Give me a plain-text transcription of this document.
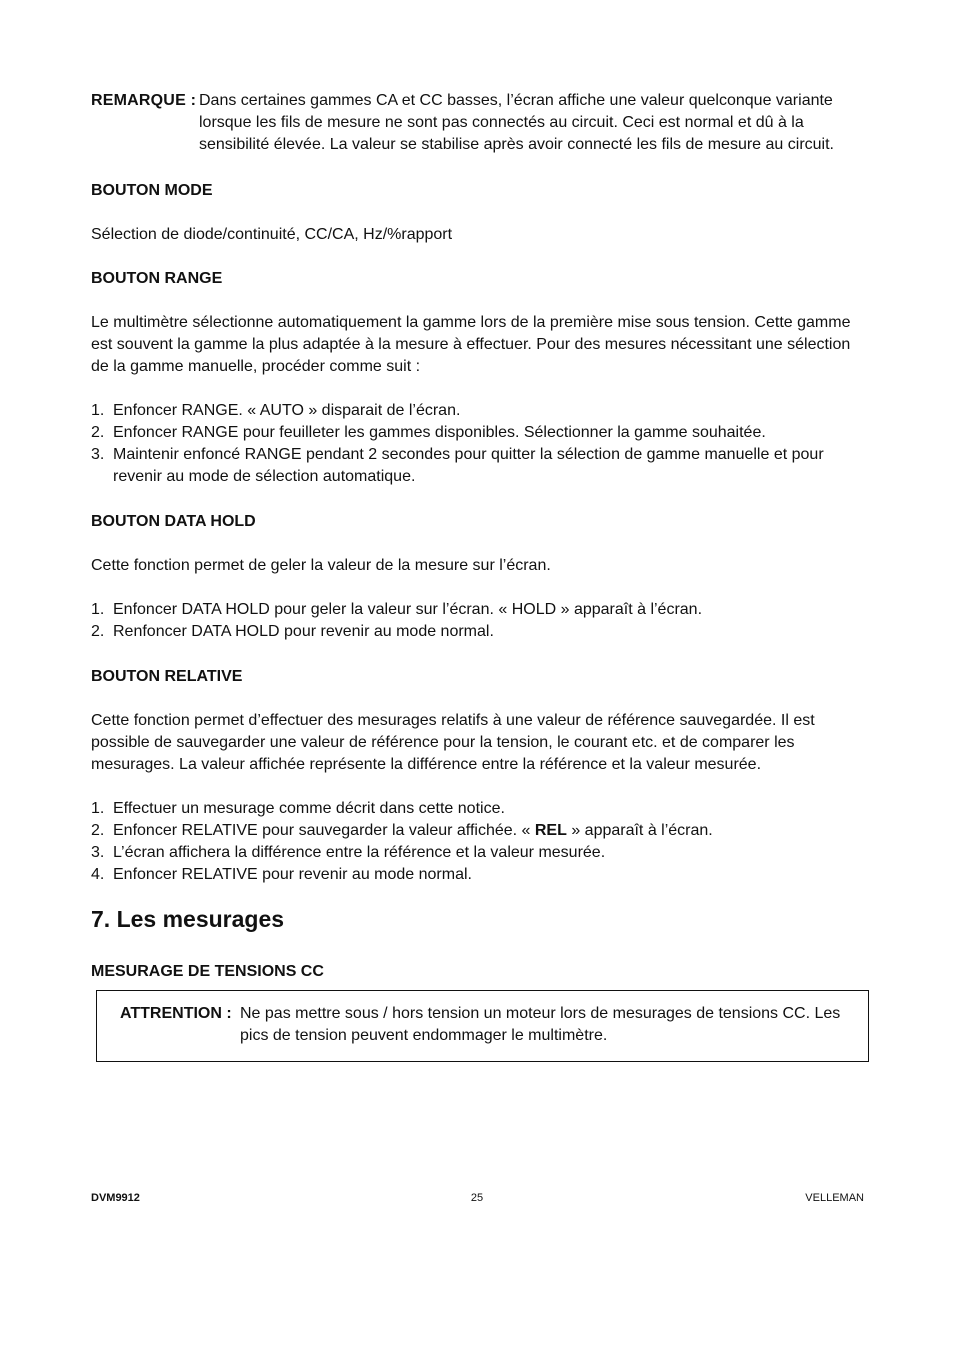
REMARQUE : Dans certaines gammes CA et CC basses, l’écran affiche une valeur quelconque variante lorsque les fils de mesure ne sont pas connectés au circuit. Ceci est normal et dû à la sensibilité élevée. La valeur se stabilise après avoir connecté les fils de mesure au circuit.
BOUTON MODE
Sélection de diode/continuité, CC/CA, Hz/%rapport
BOUTON RANGE
Le multimètre sélectionne automatiquement la gamme lors de la première mise sous tension. Cette gamme est souvent la gamme la plus adaptée à la mesure à effectuer. Pour des mesures nécessitant une sélection de la gamme manuelle, procéder comme suit :
1. Enfoncer RANGE. « AUTO » disparait de l’écran.
2. Enfoncer RANGE pour feuilleter les gammes disponibles. Sélectionner la gamme souhaitée.
3. Maintenir enfoncé RANGE pendant 2 secondes pour quitter la sélection de gamme manuelle et pour revenir au mode de sélection automatique.
BOUTON DATA HOLD
Cette fonction permet de geler la valeur de la mesure sur l’écran.
1. Enfoncer DATA HOLD pour geler la valeur sur l’écran. « HOLD » apparaît à l’écran.
2. Renfoncer DATA HOLD pour revenir au mode normal.
BOUTON RELATIVE
Cette fonction permet d’effectuer des mesurages relatifs à une valeur de référence sauvegardée. Il est possible de sauvegarder une valeur de référence pour la tension, le courant etc. et de comparer les mesurages. La valeur affichée représente la différence entre la référence et la valeur mesurée.
1. Effectuer un mesurage comme décrit dans cette notice.
2. Enfoncer RELATIVE pour sauvegarder la valeur affichée. « REL » apparaît à l’écran.
3. L’écran affichera la différence entre la référence et la valeur mesurée.
4. Enfoncer RELATIVE pour revenir au mode normal.
7. Les mesurages
MESURAGE DE TENSIONS CC
ATTRENTION : Ne pas mettre sous / hors tension un moteur lors de mesurages de tensions CC. Les pics de tension peuvent endommager le multimètre.
DVM9912	25	VELLEMAN
